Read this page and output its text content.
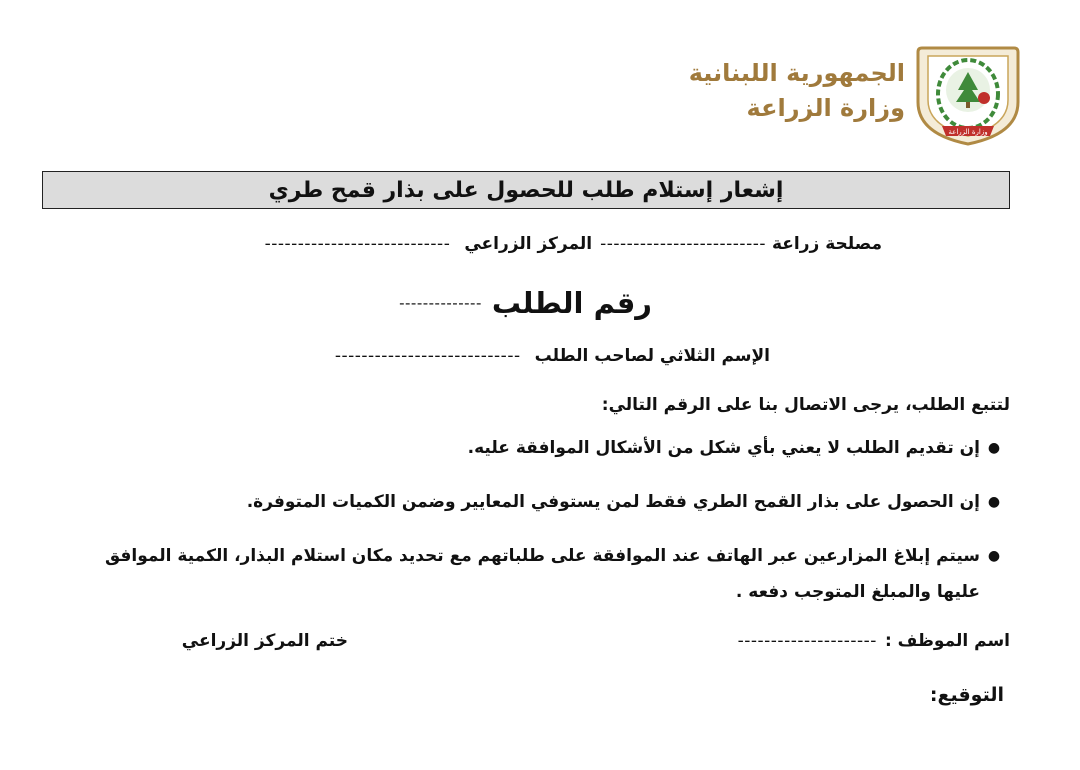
الجمهورية اللبنانية
وزارة الزراعة
وزارة الزراعة
إشعار إستلام طلب للحصول على بذار قمح طري
مصلحة زراعة
-------------------------
المركز الزراعي
----------------------------
رقم الطلب
--------------
الإسم الثلاثي لصاحب الطلب
----------------------------
لتتبع الطلب، يرجى الاتصال بنا على الرقم التالي:
●
إن تقديم الطلب لا يعني بأي شكل من الأشكال الموافقة عليه.
●
إن الحصول على بذار القمح الطري فقط لمن يستوفي المعايير وضمن الكميات المتوفرة.
●
سيتم إبلاغ المزارعين عبر الهاتف عند الموافقة على طلباتهم مع تحديد مكان استلام البذار، الكمية الموافق عليها والمبلغ المتوجب دفعه .
اسم الموظف :
---------------------
ختم المركز الزراعي
التوقيع:
